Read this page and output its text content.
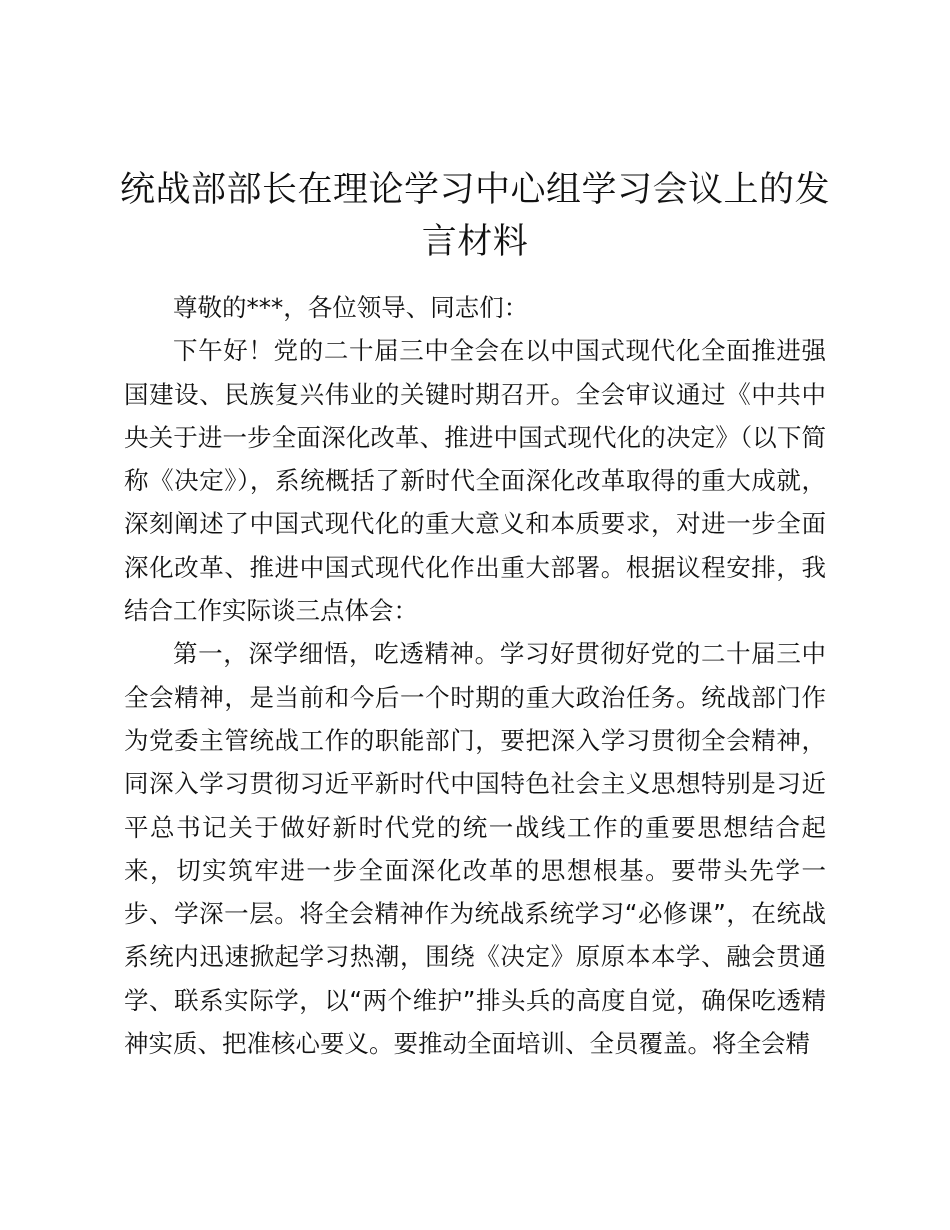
统战部部长在理论学习中心组学习会议上的发言材料

尊敬的***，各位领导、同志们：

下午好！党的二十届三中全会在以中国式现代化全面推进强国建设、民族复兴伟业的关键时期召开。全会审议通过《中共中央关于进一步全面深化改革、推进中国式现代化的决定》（以下简称《决定》），系统概括了新时代全面深化改革取得的重大成就，深刻阐述了中国式现代化的重大意义和本质要求，对进一步全面深化改革、推进中国式现代化作出重大部署。根据议程安排，我结合工作实际谈三点体会：

第一，深学细悟，吃透精神。学习好贯彻好党的二十届三中全会精神，是当前和今后一个时期的重大政治任务。统战部门作为党委主管统战工作的职能部门，要把深入学习贯彻全会精神，同深入学习贯彻习近平新时代中国特色社会主义思想特别是习近平总书记关于做好新时代党的统一战线工作的重要思想结合起来，切实筑牢进一步全面深化改革的思想根基。要带头先学一步、学深一层。将全会精神作为统战系统学习“必修课”，在统战系统内迅速掀起学习热潮，围绕《决定》原原本本学、融会贯通学、联系实际学，以“两个维护”排头兵的高度自觉，确保吃透精神实质、把准核心要义。要推动全面培训、全员覆盖。将全会精
